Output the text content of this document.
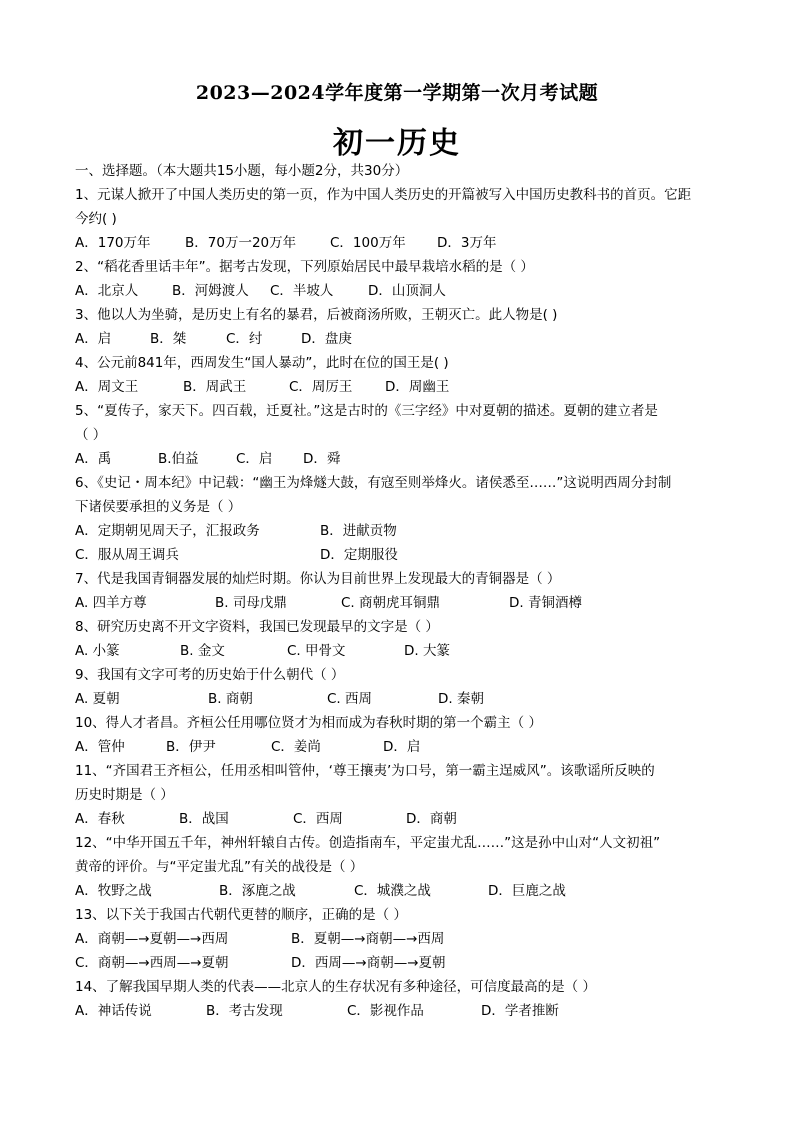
2023—2024学年度第一学期第一次月考试题
初一历史
一、选择题。（本大题共15小题，每小题2分，共30分）
1、元谋人掀开了中国人类历史的第一页，作为中国人类历史的开篇被写入中国历史教科书的首页。它距
今约( )
A．170万年	B．70万一20万年	C．100万年 D．3万年
2、“稻花香里话丰年”。据考古发现，下列原始居民中最早栽培水稻的是（ ）
A．北京人	B．河姆渡人 C．半坡人	D．山顶洞人
3、他以人为坐骑，是历史上有名的暴君，后被商汤所败，王朝灭亡。此人物是( )
A．启	B．桀	C．纣	D．盘庚
4、公元前841年，西周发生“国人暴动”，此时在位的国王是( )
A．周文王	B．周武王	C．周厉王 D．周幽王
5、“夏传子，家天下。四百载，迁夏社。”这是古时的《三字经》中对夏朝的描述。夏朝的建立者是
（ ）
A．禹	B.伯益	C．启 D．舜
6、《史记・周本纪》中记载：“幽王为烽燧大鼓，有寇至则举烽火。诸侯悉至……”这说明西周分封制
下诸侯要承担的义务是（ ）
A．定期朝见周天子，汇报政务	B．进献贡物
C．服从周王调兵	D．定期服役
7、代是我国青铜器发展的灿烂时期。你认为目前世界上发现最大的青铜器是（ ）
A. 四羊方尊	B. 司母戊鼎	C. 商朝虎耳铜鼎	D. 青铜酒樽
8、研究历史离不开文字资料，我国已发现最早的文字是（ ）
A. 小篆	B. 金文	C. 甲骨文	D. 大篆
9、我国有文字可考的历史始于什么朝代（ ）
A. 夏朝	B. 商朝	C. 西周	D. 秦朝
10、得人才者昌。齐桓公任用哪位贤才为相而成为春秋时期的第一个霸主（ ）
A．管仲	B．伊尹	C．姜尚	D．启
11、“齐国君王齐桓公，任用丞相叫管仲，‘尊王攘夷’为口号，第一霸主逞威风”。该歌谣所反映的
历史时期是（ ）
A．春秋	B．战国	C．西周	D．商朝
12、“中华开国五千年，神州轩辕自古传。创造指南车，平定蚩尤乱……”这是孙中山对“人文初祖”
黄帝的评价。与“平定蚩尤乱”有关的战役是（ ）
A．牧野之战	B．涿鹿之战	C．城濮之战	D．巨鹿之战
13、以下关于我国古代朝代更替的顺序，正确的是（ ）
A．商朝—→夏朝—→西周	B．夏朝—→商朝—→西周
C．商朝—→西周—→夏朝	D．西周—→商朝—→夏朝
14、了解我国早期人类的代表——北京人的生存状况有多种途径，可信度最高的是（ ）
A．神话传说	B．考古发现	C．影视作品	D．学者推断
